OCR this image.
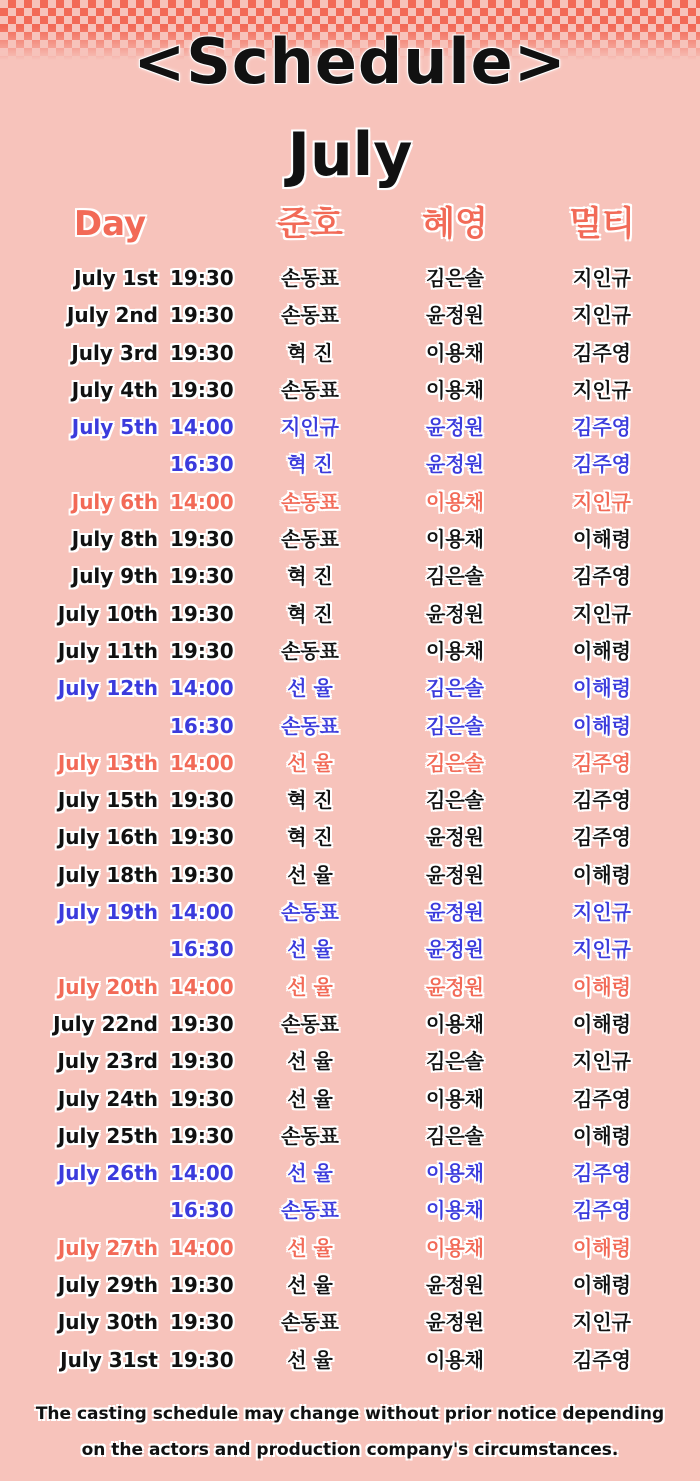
<Schedule>
July
Day	준호	혜영	멀티
July 1st 19:30	손동표	김은솔	지인규
July 2nd 19:30	손동표	윤정원	지인규
July 3rd 19:30	혁 진	이용채	김주영
July 4th 19:30	손동표	이용채	지인규
July 5th 14:00	지인규	윤정원	김주영
16:30	혁 진	윤정원	김주영
July 6th 14:00	손동표	이용채	지인규
July 8th 19:30	손동표	이용채	이해령
July 9th 19:30	혁 진	김은솔	김주영
July 10th 19:30	혁 진	윤정원	지인규
July 11th 19:30	손동표	이용채	이해령
July 12th 14:00	선 율	김은솔	이해령
16:30	손동표	김은솔	이해령
July 13th 14:00	선 율	김은솔	김주영
July 15th 19:30	혁 진	김은솔	김주영
July 16th 19:30	혁 진	윤정원	김주영
July 18th 19:30	선 율	윤정원	이해령
July 19th 14:00	손동표	윤정원	지인규
16:30	선 율	윤정원	지인규
July 20th 14:00	선 율	윤정원	이해령
July 22nd 19:30	손동표	이용채	이해령
July 23rd 19:30	선 율	김은솔	지인규
July 24th 19:30	선 율	이용채	김주영
July 25th 19:30	손동표	김은솔	이해령
July 26th 14:00	선 율	이용채	김주영
16:30	손동표	이용채	김주영
July 27th 14:00	선 율	이용채	이해령
July 29th 19:30	선 율	윤정원	이해령
July 30th 19:30	손동표	윤정원	지인규
July 31st 19:30	선 율	이용채	김주영
The casting schedule may change without prior notice depending
on the actors and production company's circumstances.
